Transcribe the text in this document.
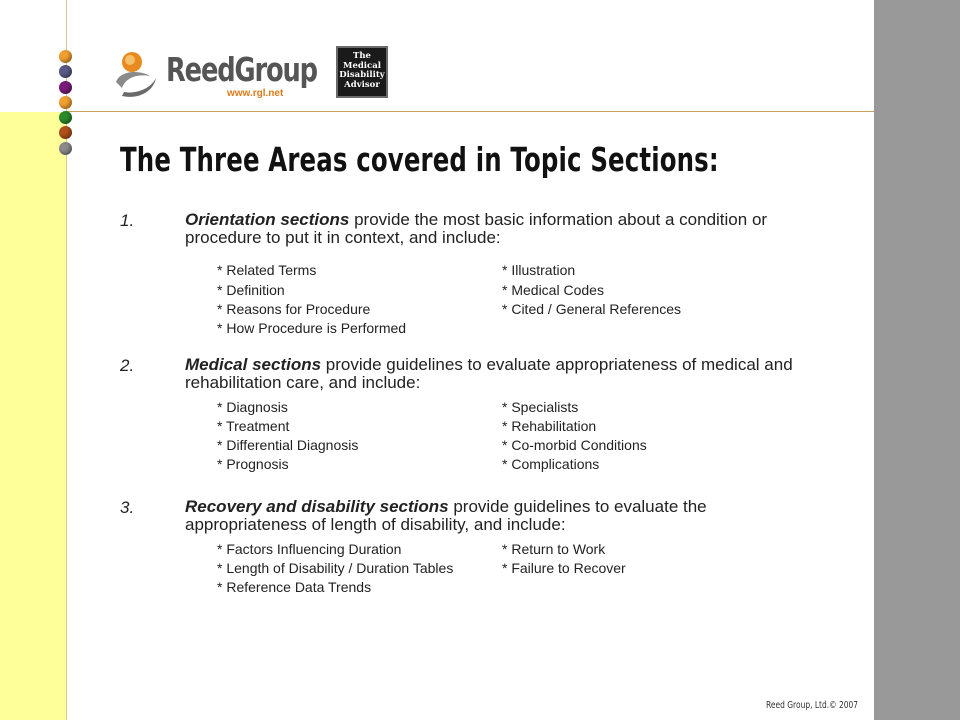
ReedGroup
www.rgl.net
The
Medical
Disability
Advisor
The Three Areas covered in Topic Sections:
1.	Orientation sections provide the most basic information about a condition or procedure to put it in context, and include:
* Related Terms
* Definition
* Reasons for Procedure
* How Procedure is Performed
* Illustration
* Medical Codes
* Cited / General References
2.	Medical sections provide guidelines to evaluate appropriateness of medical and rehabilitation care, and include:
* Diagnosis
* Treatment
* Differential Diagnosis
* Prognosis
* Specialists
* Rehabilitation
* Co-morbid Conditions
* Complications
3.	Recovery and disability sections provide guidelines to evaluate the appropriateness of length of disability, and include:
* Factors Influencing Duration
* Length of Disability / Duration Tables
* Reference Data Trends
* Return to Work
* Failure to Recover
Reed Group, Ltd.© 2007
